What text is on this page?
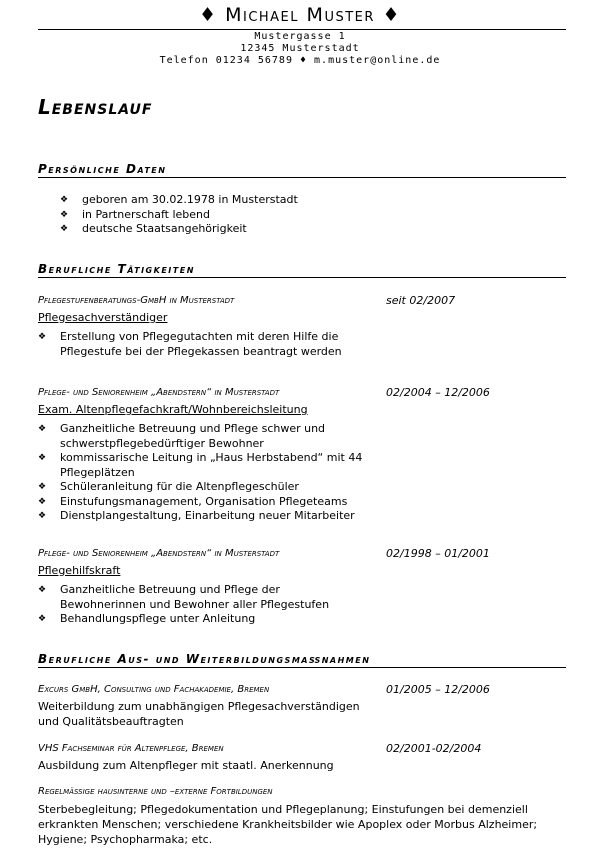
♦ Michael Muster ♦
Mustergasse 1
12345 Musterstadt
Telefon 01234 56789 ♦ m.muster@online.de
Lebenslauf
Persönliche Daten
❖ geboren am 30.02.1978 in Musterstadt
❖ in Partnerschaft lebend
❖ deutsche Staatsangehörigkeit
Berufliche Tätigkeiten
Pflegestufenberatungs-GmbH in Musterstadt	seit 02/2007
Pflegesachverständiger
❖ Erstellung von Pflegegutachten mit deren Hilfe die Pflegestufe bei der Pflegekassen beantragt werden
Pflege- und Seniorenheim „Abendstern“ in Musterstadt	02/2004 – 12/2006
Exam. Altenpflegefachkraft/Wohnbereichsleitung
❖ Ganzheitliche Betreuung und Pflege schwer und schwerstpflegebedürftiger Bewohner
❖ kommissarische Leitung in „Haus Herbstabend“ mit 44 Pflegeplätzen
❖ Schüleranleitung für die Altenpflegeschüler
❖ Einstufungsmanagement, Organisation Pflegeteams
❖ Dienstplangestaltung, Einarbeitung neuer Mitarbeiter
Pflege- und Seniorenheim „Abendstern“ in Musterstadt	02/1998 – 01/2001
Pflegehilfskraft
❖ Ganzheitliche Betreuung und Pflege der Bewohnerinnen und Bewohner aller Pflegestufen
❖ Behandlungspflege unter Anleitung
Berufliche Aus- und Weiterbildungsmaßnahmen
Excurs GmbH, Consulting und Fachakademie, Bremen	01/2005 – 12/2006
Weiterbildung zum unabhängigen Pflegesachverständigen und Qualitätsbeauftragten
VHS Fachseminar für Altenpflege, Bremen	02/2001-02/2004
Ausbildung zum Altenpfleger mit staatl. Anerkennung
Regelmäßige hausinterne und –externe Fortbildungen
Sterbebegleitung; Pflegedokumentation und Pflegeplanung; Einstufungen bei demenziell erkrankten Menschen; verschiedene Krankheitsbilder wie Apoplex oder Morbus Alzheimer; Hygiene; Psychopharmaka; etc.
